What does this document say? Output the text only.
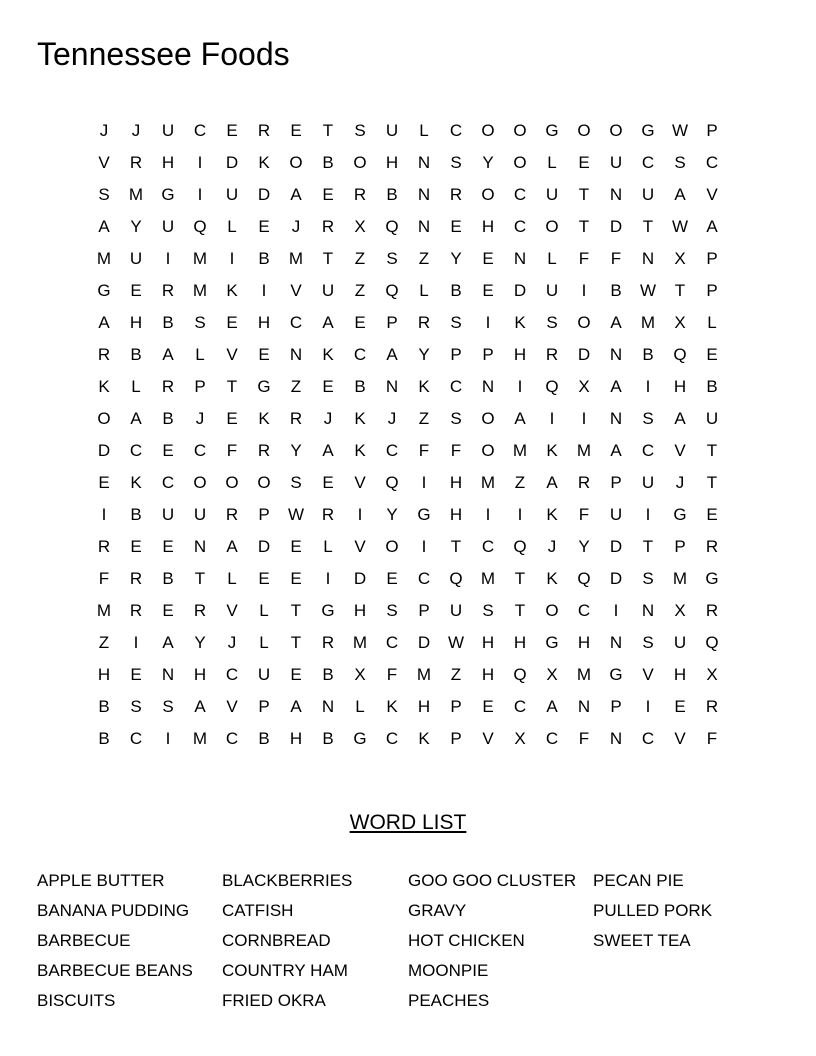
Tennessee Foods
J J U C E R E T S U L C O O G O O G W P
V R H I D K O B O H N S Y O L E U C S C
S M G I U D A E R B N R O C U T N U A V
A Y U Q L E J R X Q N E H C O T D T W A
M U I M I B M T Z S Z Y E N L F F N X P
G E R M K I V U Z Q L B E D U I B W T P
A H B S E H C A E P R S I K S O A M X L
R B A L V E N K C A Y P P H R D N B Q E
K L R P T G Z E B N K C N I Q X A I H B
O A B J E K R J K J Z S O A I I N S A U
D C E C F R Y A K C F F O M K M A C V T
E K C O O O S E V Q I H M Z A R P U J T
I B U U R P W R I Y G H I I K F U I G E
R E E N A D E L V O I T C Q J Y D T P R
F R B T L E E I D E C Q M T K Q D S M G
M R E R V L T G H S P U S T O C I N X R
Z I A Y J L T R M C D W H H G H N S U Q
H E N H C U E B X F M Z H Q X M G V H X
B S S A V P A N L K H P E C A N P I E R
B C I M C B H B G C K P V X C F N C V F
WORD LIST
APPLE BUTTER
BANANA PUDDING
BARBECUE
BARBECUE BEANS
BISCUITS
BLACKBERRIES
CATFISH
CORNBREAD
COUNTRY HAM
FRIED OKRA
GOO GOO CLUSTER
GRAVY
HOT CHICKEN
MOONPIE
PEACHES
PECAN PIE
PULLED PORK
SWEET TEA
